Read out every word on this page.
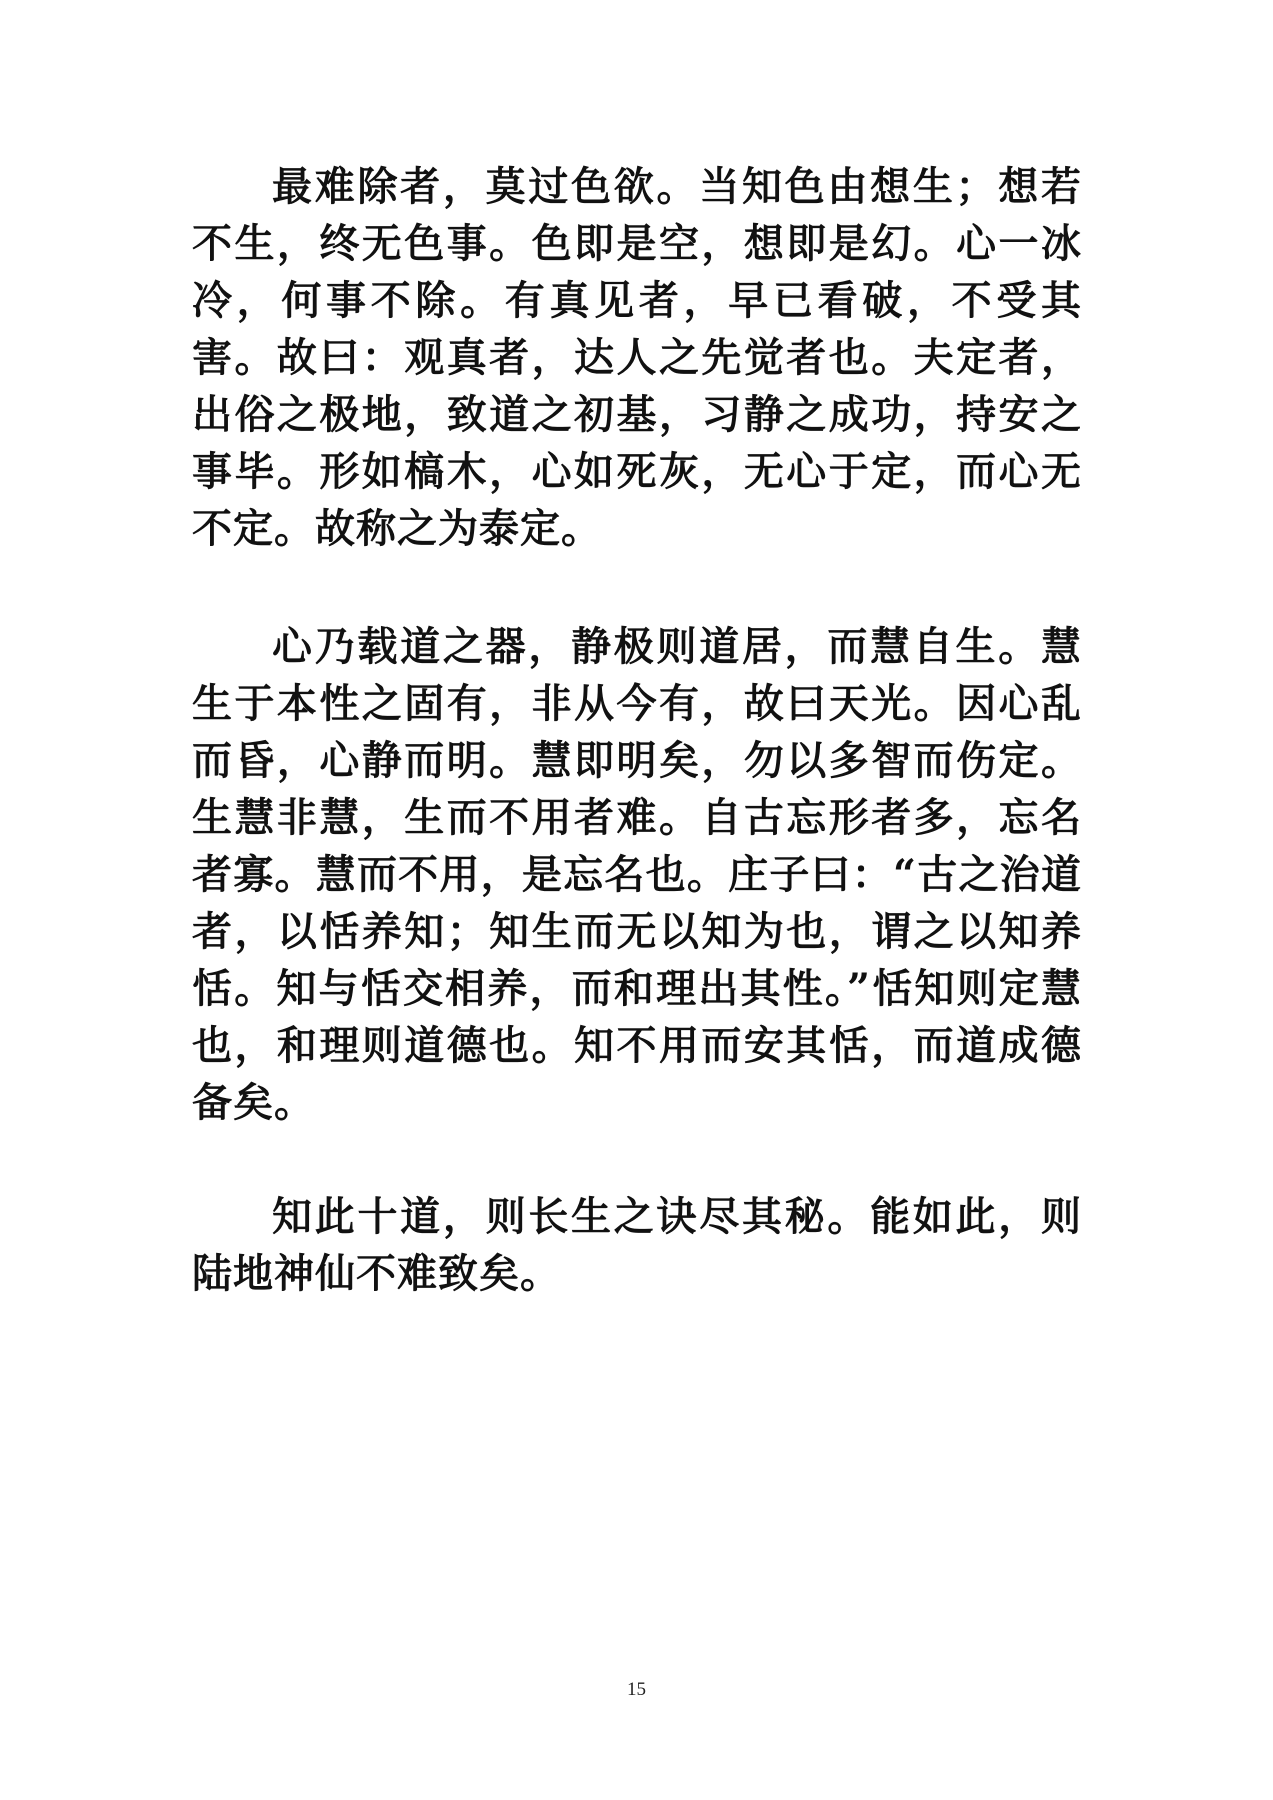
最难除者，莫过色欲。当知色由想生；想若不生，终无色事。色即是空，想即是幻。心一冰冷，何事不除。有真见者，早已看破，不受其害。故曰：观真者，达人之先觉者也。夫定者，出俗之极地，致道之初基，习静之成功，持安之事毕。形如槁木，心如死灰，无心于定，而心无不定。故称之为泰定。

心乃载道之器，静极则道居，而慧自生。慧生于本性之固有，非从今有，故曰天光。因心乱而昏，心静而明。慧即明矣，勿以多智而伤定。生慧非慧，生而不用者难。自古忘形者多，忘名者寡。慧而不用，是忘名也。庄子曰：“古之治道者，以恬养知；知生而无以知为也，谓之以知养恬。知与恬交相养，而和理出其性。”恬知则定慧也，和理则道德也。知不用而安其恬，而道成德备矣。

知此十道，则长生之诀尽其秘。能如此，则陆地神仙不难致矣。

15
